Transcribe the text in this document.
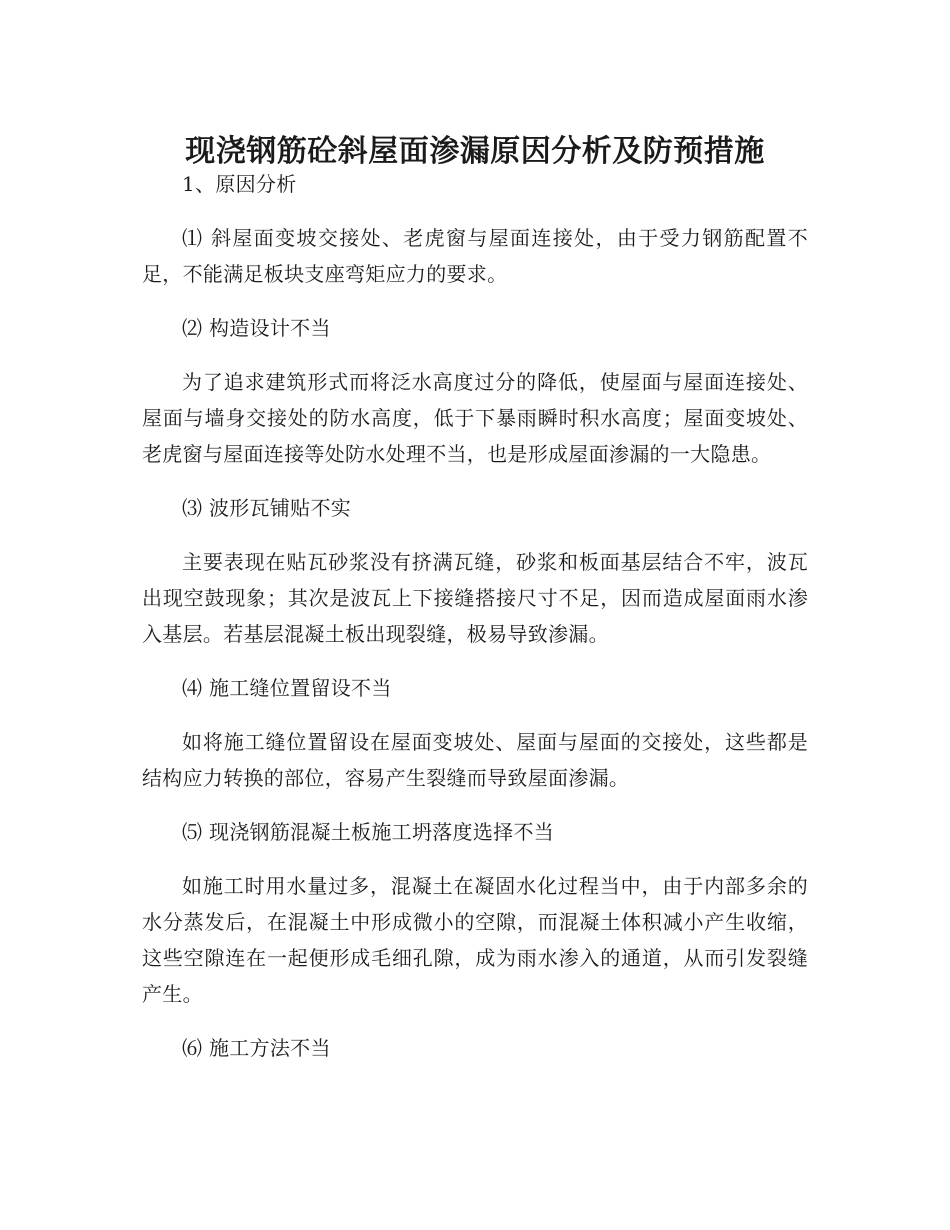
现浇钢筋砼斜屋面渗漏原因分析及防预措施

1、原因分析

⑴ 斜屋面变坡交接处、老虎窗与屋面连接处，由于受力钢筋配置不足，不能满足板块支座弯矩应力的要求。

⑵ 构造设计不当

为了追求建筑形式而将泛水高度过分的降低，使屋面与屋面连接处、屋面与墙身交接处的防水高度，低于下暴雨瞬时积水高度；屋面变坡处、老虎窗与屋面连接等处防水处理不当，也是形成屋面渗漏的一大隐患。

⑶ 波形瓦铺贴不实

主要表现在贴瓦砂浆没有挤满瓦缝，砂浆和板面基层结合不牢，波瓦出现空鼓现象；其次是波瓦上下接缝搭接尺寸不足，因而造成屋面雨水渗入基层。若基层混凝土板出现裂缝，极易导致渗漏。

⑷ 施工缝位置留设不当

如将施工缝位置留设在屋面变坡处、屋面与屋面的交接处，这些都是结构应力转换的部位，容易产生裂缝而导致屋面渗漏。

⑸ 现浇钢筋混凝土板施工坍落度选择不当

如施工时用水量过多，混凝土在凝固水化过程当中，由于内部多余的水分蒸发后，在混凝土中形成微小的空隙，而混凝土体积减小产生收缩，这些空隙连在一起便形成毛细孔隙，成为雨水渗入的通道，从而引发裂缝产生。

⑹ 施工方法不当
